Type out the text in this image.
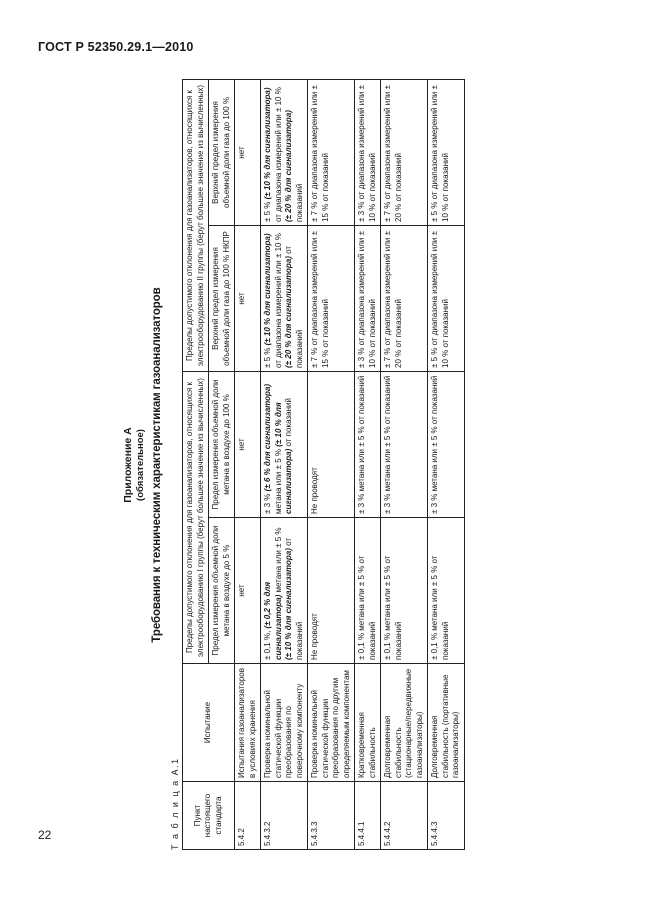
ГОСТ Р 52350.29.1—2010
22
Приложение А (обязательное) Требования к техническим характеристикам газоанализаторов
Т а б л и ц а А.1 Пункт настоящего стандарта	Испытание	Пределы допустимого отклонения для газоанализаторов, относящихся к электрооборудованию I группы (берут большее значение из вычисленных)		Пределы допустимого отклонения для газоанализаторов, относящихся к электрооборудованию II группы (берут большее значение из вычисленных)	
		Предел измерения объемной доли метана в воздухе до 5 %	Предел измерения объемной доли метана в воздухе до 100 %	Верхний предел измерения объемной доли газа до 100 % НКПР	Верхний предел измерения объемной доли газа до 100 %
5.4.2	Испытания газоанализаторов в условиях хранения	нет	нет	нет	нет
5.4.3.2	Проверка номинальной статической функции преобразования по поверочному компоненту	± 0,1 %, (± 0,2 % для сигнализатора) метана или ± 5 % (± 10 % для сигнализатора) от показаний	± 3 % (± 6 % для сигнализатора) метана или ± 5 % (± 10 % для сигнализатора) от показаний	± 5 % (± 10 % для сигнализатора) от диапазона измерений или ± 10 % (± 20 % для сигнализатора) от показаний	± 5 % (± 10 % для сигнализатора) от диапазона измерений или ± 10 % (± 20 % для сигнализатора) показаний
5.4.3.3	Проверка номинальной статической функции преобразования по другим определяемым компонентам	Не проводят	Не проводят	± 7 % от диапазона измерений или ± 15 % от показаний	± 7 % от диапазона измерений или ± 15 % от показаний
5.4.4.1	Кратковременная стабильность	± 0,1 % метана или ± 5 % от показаний	± 3 % метана или ± 5 % от показаний	± 3 % от диапазона измерений или ± 10 % от показаний	± 3 % от диапазона измерений или ± 10 % от показаний
5.4.4.2	Долговременная стабильность (стационарные/передвижные газоанализаторы)	± 0,1 % метана или ± 5 % от показаний	± 3 % метана или ± 5 % от показаний	± 7 % от диапазона измерений или ± 20 % от показаний	± 7 % от диапазона измерений или ± 20 % от показаний
5.4.4.3	Долговременная стабильность (портативные газоанализаторы)	± 0,1 % метана или ± 5 % от показаний	± 3 % метана или ± 5 % от показаний	± 5 % от диапазона измерений или ± 10 % от показаний	± 5 % от диапазона измерений или ± 10 % от показаний
